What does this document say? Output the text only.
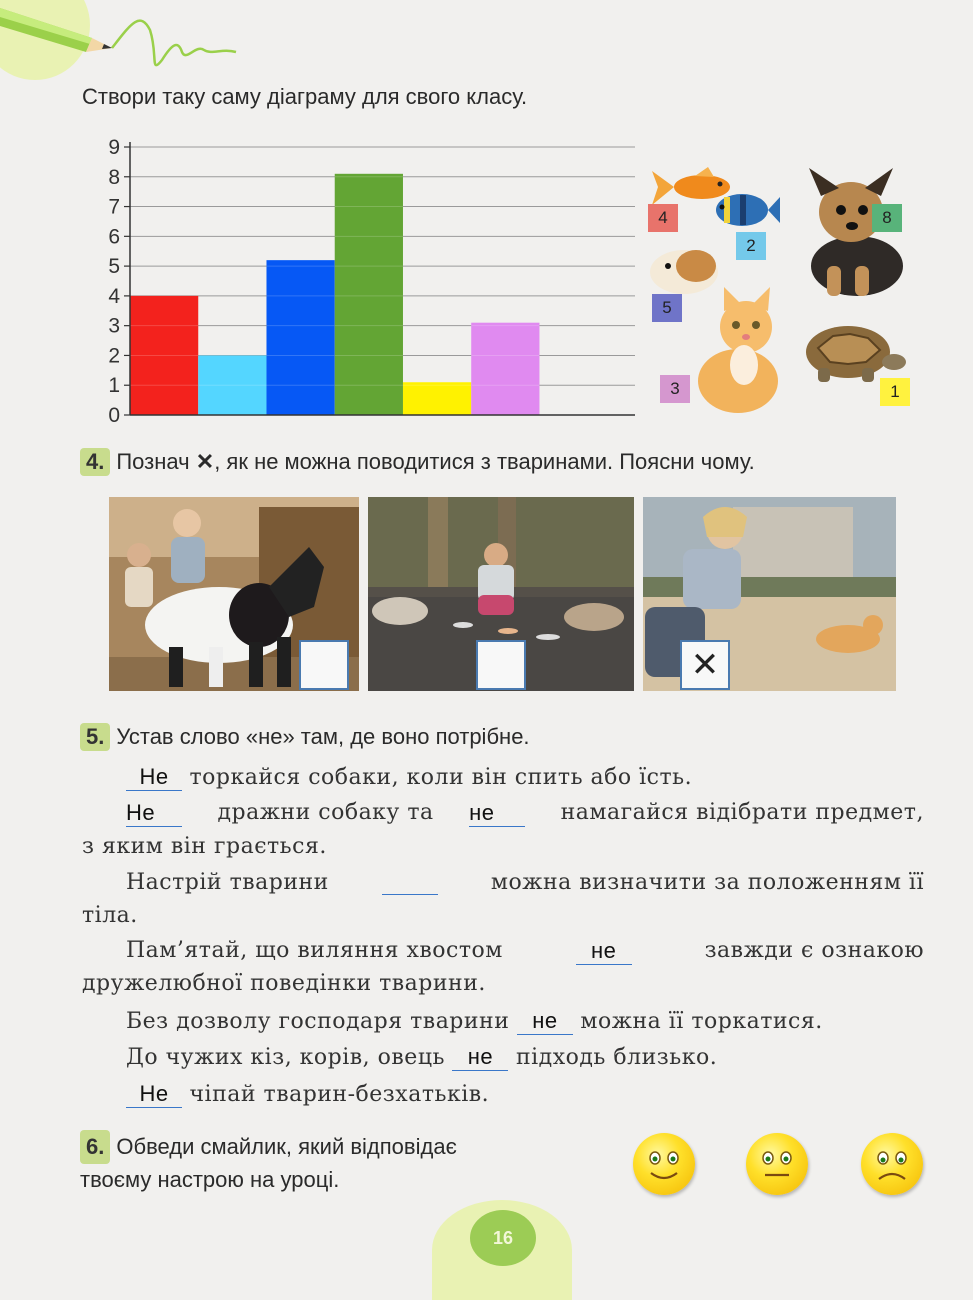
Створи таку саму діаграму для свого класу.
0
1
2
3
4
5
6
7
8
9
4
2
8
5
3	1
4. Познач ✕, як не можна поводитися з тваринами. Поясни чому.
✕
5. Устав слово «не» там, де воно потрібне.
Не торкайся собаки, коли він спить або їсть.
Не	дражни собаку та не	намагайся відібрати предмет,
з яким він грається.
Настрій тварини	можна визначити за положенням її
тіла.
Пам’ятай, що виляння хвостом	не	завжди є ознакою
дружелюбної поведінки тварини.
Без дозволу господаря тварини не можна її торкатися.
До чужих кіз, корів, овець не підходь близько.
Не чіпай тварин-безхатьків.
6. Обведи смайлик, який відповідає
твоєму настрою на уроці.
16
